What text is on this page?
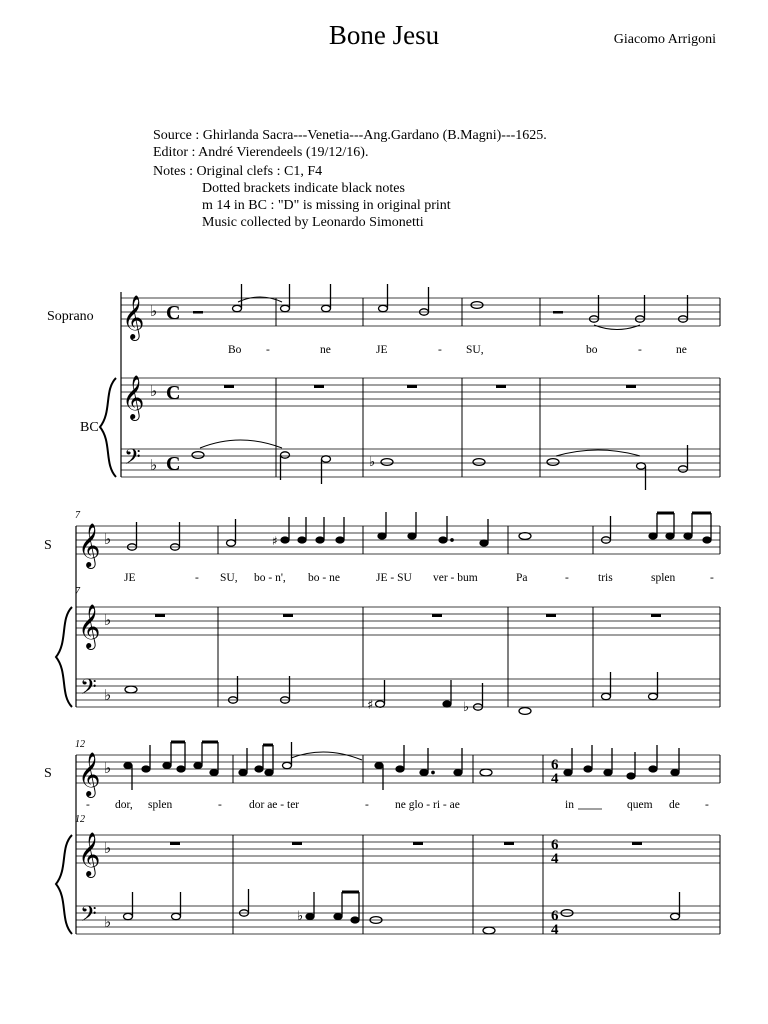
Bone Jesu	Giacomo Arrigoni
Source : Ghirlanda Sacra---Venetia---Ang.Gardano (B.Magni)---1625.
Editor : André Vierendeels (19/12/16).
Notes : Original clefs : C1, F4
Dotted brackets indicate black notes
m 14 in BC : "D" is missing in original print
Music collected by Leonardo Simonetti
Soprano
BC
𝄞
𝄞
𝄢
♭
♭
♭
C
C
C	♭
Bo -	ne	JE	- SU,	bo	-	ne
7
7
S 𝄞
𝄞
𝄢
♭
♭
♭
♯
♯	♭
JE	- SU, bo - n', bo - ne	JE - SU ver - bum	Pa	-	tris	splen	-
12
12
S 𝄞
𝄞
𝄢
♭
♭
♭
6
4
6
4
6
4
♭
- dor, splen	- dor ae - ter	- ne glo - ri - ae	in	quem de -
